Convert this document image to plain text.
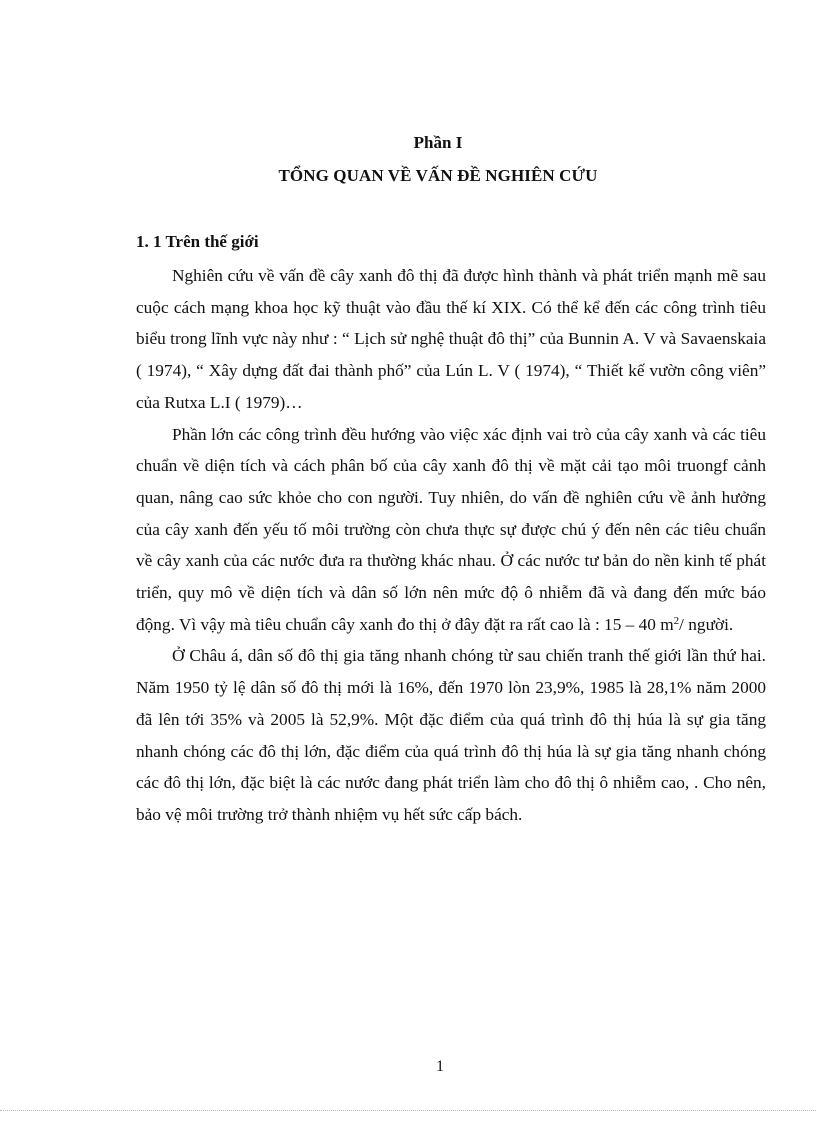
Phần I
TỔNG QUAN VỀ VẤN ĐỀ NGHIÊN CỨU
1. 1 Trên thế giới

Nghiên cứu về vấn đề cây xanh đô thị đã được hình thành và phát triển mạnh mẽ sau cuộc cách mạng khoa học kỹ thuật vào đầu thế kí XIX. Có thể kể đến các công trình tiêu biểu trong lĩnh vực này như : “ Lịch sử nghệ thuật đô thị” của Bunnin A. V và Savaenskaia ( 1974), “ Xây dựng đất đai thành phố” của Lún L. V ( 1974), “ Thiết kế vườn công viên” của Rutxa L.I ( 1979)…

Phần lớn các công trình đều hướng vào việc xác định vai trò của cây xanh và các tiêu chuẩn về diện tích và cách phân bố của cây xanh đô thị về mặt cải tạo môi truongf cảnh quan, nâng cao sức khỏe cho con người. Tuy nhiên, do vấn đề nghiên cứu về ảnh hưởng của cây xanh đến yếu tố môi trường còn chưa thực sự được chú ý đến nên các tiêu chuẩn về cây xanh của các nước đưa ra thường khác nhau. Ở các nước tư bản do nền kinh tế phát triển, quy mô về diện tích và dân số lớn nên mức độ ô nhiễm đã và đang đến mức báo động. Vì vậy mà tiêu chuẩn cây xanh đo thị ở đây đặt ra rất cao là : 15 – 40 $m^2/$ người.

Ở Châu á, dân số đô thị gia tăng nhanh chóng từ sau chiến tranh thế giới lần thứ hai. Năm 1950 tỷ lệ dân số đô thị mới là 16%, đến 1970 lòn 23,9%, 1985 là 28,1% năm 2000 đã lên tới 35% và 2005 là 52,9%. Một đặc điểm của quá trình đô thị húa là sự gia tăng nhanh chóng các đô thị lớn, đặc điểm của quá trình đô thị húa là sự gia tăng nhanh chóng các đô thị lớn, đặc biệt là các nước đang phát triển làm cho đô thị ô nhiễm cao, . Cho nên, bảo vệ môi trường trở thành nhiệm vụ hết sức cấp bách.

1
